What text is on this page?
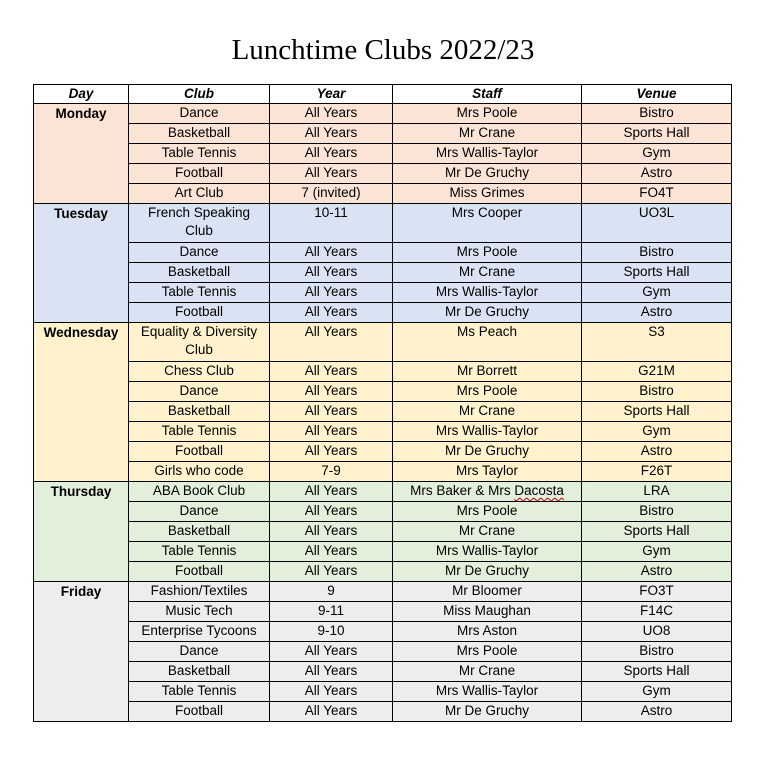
Lunchtime Clubs 2022/23
Day	Club	Year	Staff	Venue
Monday	Dance	All Years	Mrs Poole	Bistro
	Basketball	All Years	Mr Crane	Sports Hall
	Table Tennis	All Years	Mrs Wallis-Taylor	Gym
	Football	All Years	Mr De Gruchy	Astro
	Art Club	7 (invited)	Miss Grimes	FO4T
Tuesday	French Speaking Club	10-11	Mrs Cooper	UO3L
	Dance	All Years	Mrs Poole	Bistro
	Basketball	All Years	Mr Crane	Sports Hall
	Table Tennis	All Years	Mrs Wallis-Taylor	Gym
	Football	All Years	Mr De Gruchy	Astro
Wednesday	Equality & Diversity Club	All Years	Ms Peach	S3
	Chess Club	All Years	Mr Borrett	G21M
	Dance	All Years	Mrs Poole	Bistro
	Basketball	All Years	Mr Crane	Sports Hall
	Table Tennis	All Years	Mrs Wallis-Taylor	Gym
	Football	All Years	Mr De Gruchy	Astro
	Girls who code	7-9	Mrs Taylor	F26T
Thursday	ABA Book Club	All Years	Mrs Baker & Mrs Dacosta	LRA
	Dance	All Years	Mrs Poole	Bistro
	Basketball	All Years	Mr Crane	Sports Hall
	Table Tennis	All Years	Mrs Wallis-Taylor	Gym
	Football	All Years	Mr De Gruchy	Astro
Friday	Fashion/Textiles	9	Mr Bloomer	FO3T
	Music Tech	9-11	Miss Maughan	F14C
	Enterprise Tycoons	9-10	Mrs Aston	UO8
	Dance	All Years	Mrs Poole	Bistro
	Basketball	All Years	Mr Crane	Sports Hall
	Table Tennis	All Years	Mrs Wallis-Taylor	Gym
	Football	All Years	Mr De Gruchy	Astro
